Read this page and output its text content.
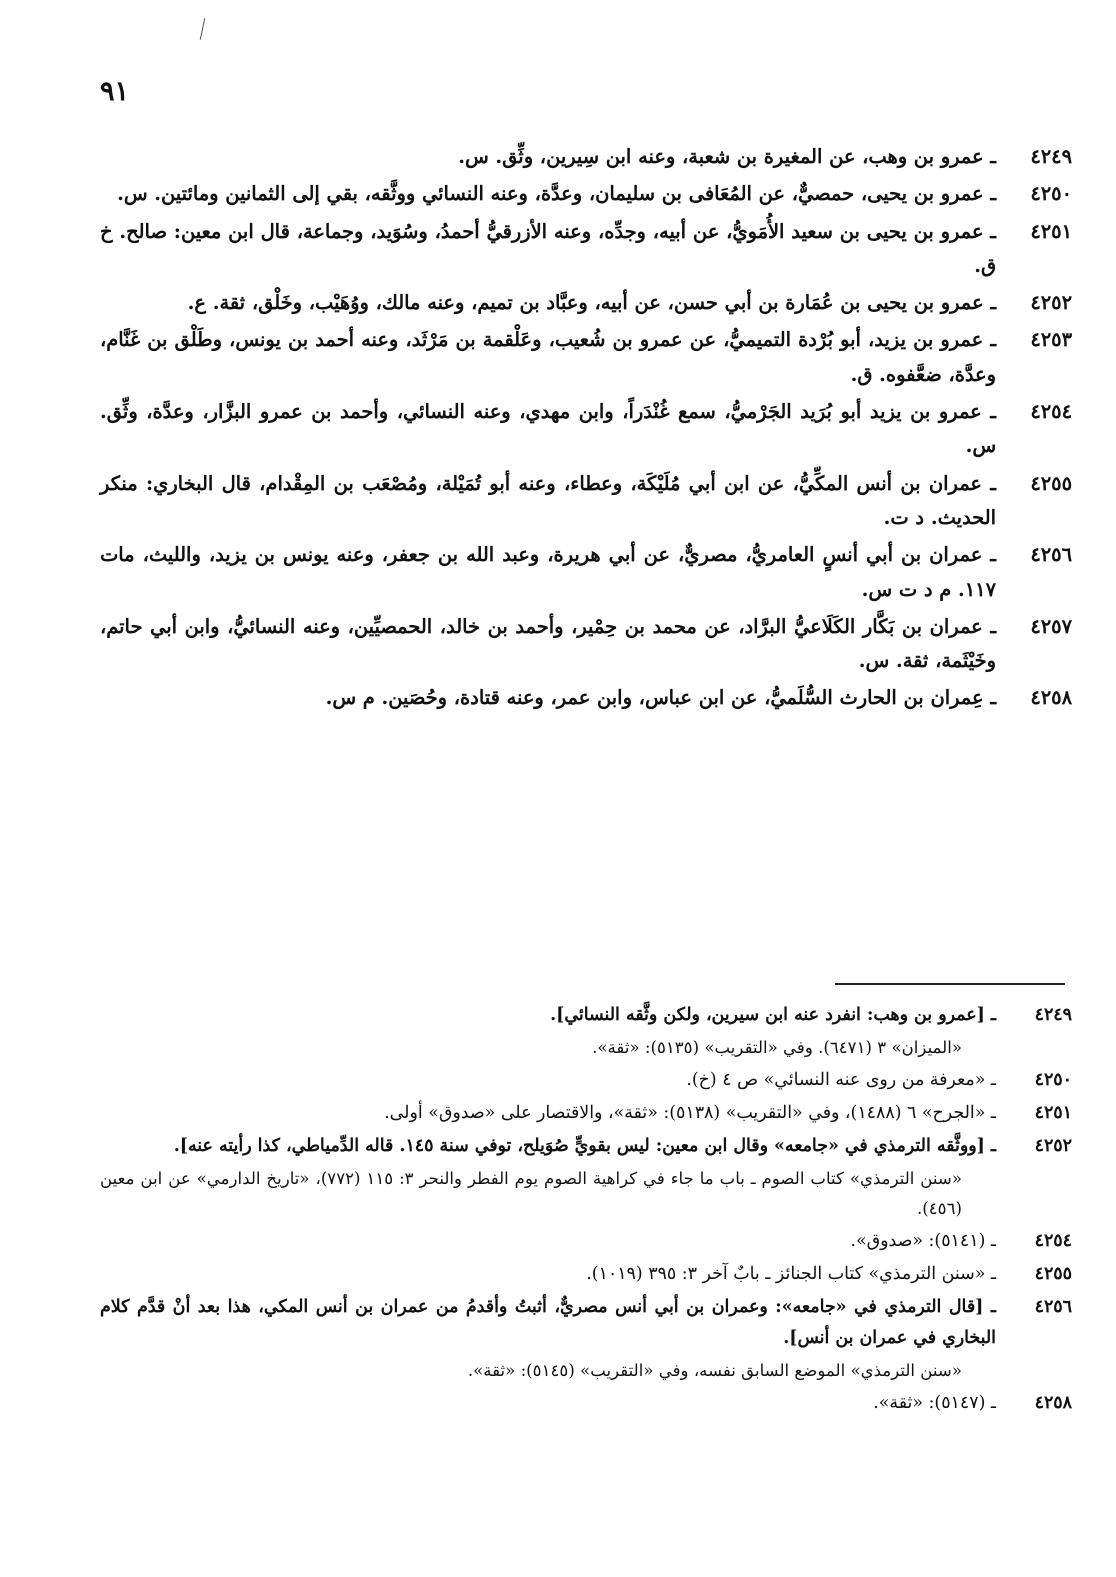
٩١
٤٢٤٩
ـ عمرو بن وهب، عن المغيرة بن شعبة، وعنه ابن سِيرين، وثِّق. س.
٤٢٥٠
ـ عمرو بن يحيى، حمصيٌّ، عن المُعَافى بن سليمان، وعدَّة، وعنه النسائي ووثَّقه، بقي إلى الثمانين ومائتين. س.
٤٢٥١
ـ عمرو بن يحيى بن سعيد الأُمَويُّ، عن أبيه، وجدِّه، وعنه الأزرقيُّ أحمدُ، وسُوَيد، وجماعة، قال ابن معين: صالح. خ ق.
٤٢٥٢
ـ عمرو بن يحيى بن عُمَارة بن أبي حسن، عن أبيه، وعبَّاد بن تميم، وعنه مالك، ووُهَيْب، وخَلْق، ثقة. ع.
٤٢٥٣
ـ عمرو بن يزيد، أبو بُرْدة التميميُّ، عن عمرو بن شُعيب، وعَلْقمة بن مَرْثَد، وعنه أحمد بن يونس، وطَلْق بن غَنَّام، وعدَّة، ضعَّفوه. ق.
٤٢٥٤
ـ عمرو بن يزيد أبو بُرَيد الجَرْميُّ، سمع غُنْدَراً، وابن مهدي، وعنه النسائي، وأحمد بن عمرو البزَّار، وعدَّة، وثِّق. س.
٤٢٥٥
ـ عمران بن أنس المكِّيُّ، عن ابن أبي مُلَيْكَة، وعطاء، وعنه أبو تُمَيْلة، ومُصْعَب بن المِقْدام، قال البخاري: منكر الحديث. د ت.
٤٢٥٦
ـ عمران بن أبي أنسٍ العامريُّ، مصريٌّ، عن أبي هريرة، وعبد الله بن جعفر، وعنه يونس بن يزيد، والليث، مات ١١٧. م د ت س.
٤٢٥٧
ـ عمران بن بَكَّار الكَلَاعيُّ البرَّاد، عن محمد بن حِمْير، وأحمد بن خالد، الحمصيِّين، وعنه النسائيُّ، وابن أبي حاتم، وخَيْثَمة، ثقة. س.
٤٢٥٨
ـ عِمران بن الحارث السُّلَميُّ، عن ابن عباس، وابن عمر، وعنه قتادة، وحُصَين. م س.
٤٢٤٩
ـ [عمرو بن وهب: انفرد عنه ابن سيرين، ولكن وثَّقه النسائي].
«الميزان» ٣ (٦٤٧١). وفي «التقريب» (٥١٣٥): «ثقة».
٤٢٥٠
ـ «معرفة من روى عنه النسائي» ص ٤ (خ).
٤٢٥١
ـ «الجرح» ٦ (١٤٨٨)، وفي «التقريب» (٥١٣٨): «ثقة»، والاقتصار على «صدوق» أولى.
٤٢٥٢
ـ [ووثَّقه الترمذي في «جامعه» وقال ابن معين: ليس بقويٍّ صُوَيلح، توفي سنة ١٤٥. قاله الدِّمياطي، كذا رأيته عنه].
«سنن الترمذي» كتاب الصوم ـ باب ما جاء في كراهية الصوم يوم الفطر والنحر ٣: ١١٥ (٧٧٢)، «تاريخ الدارمي» عن ابن معين (٤٥٦).
٤٢٥٤
ـ (٥١٤١): «صدوق».
٤٢٥٥
ـ «سنن الترمذي» كتاب الجنائز ـ بابٌ آخر ٣: ٣٩٥ (١٠١٩).
٤٢٥٦
ـ [قال الترمذي في «جامعه»: وعمران بن أبي أنس مصريٌّ، أثبتُ وأقدمُ من عمران بن أنس المكي، هذا بعد أنْ قدَّم كلام البخاري في عمران بن أنس].
«سنن الترمذي» الموضع السابق نفسه، وفي «التقريب» (٥١٤٥): «ثقة».
٤٢٥٨
ـ (٥١٤٧): «ثقة».
